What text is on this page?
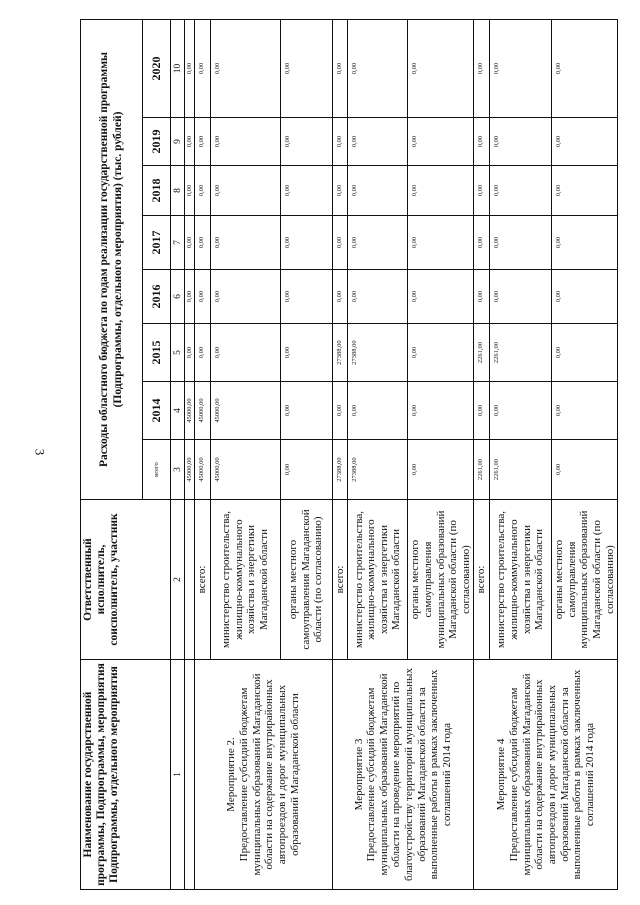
3
Наименование государственной программы, Подпрограммы, мероприятия Подпрограммы, отдельного мероприятия	Ответственный исполнитель, соисполнитель, участник	Расходы областного бюджета по годам реализации государственной программы (Подпрограммы, отдельного мероприятия) (тыс. рублей)							

		всего	2014	2015	2016	2017	2018	2019	2020
1	2	3	4	5	6	7	8	9	10
		45000,00	45000,00	0,00	0,00	0,00	0,00	0,00	0,00
Мероприятие 2.
Предоставление субсидий бюджетам муниципальных образований Магаданской области на содержание внутрирайонных автопроездов и дорог муниципальных образований Магаданской области	всего:	45000,00	45000,00	0,00	0,00	0,00	0,00	0,00	0,00
	министерство строительства, жилищно-коммунального хозяйства и энергетики Магаданской области	45000,00	45000,00	0,00	0,00	0,00	0,00	0,00	0,00
	органы местного самоуправления Магаданской области (по согласованию)	0,00	0,00	0,00	0,00	0,00	0,00	0,00	0,00
Мероприятие 3
Предоставление субсидий бюджетам муниципальных образований Магаданской области на проведение мероприятий по благоустройству территорий муниципальных образований Магаданской области за выполненные работы в рамках заключенных соглашений 2014 года	всего:	27388,00	0,00	27388,00	0,00	0,00	0,00	0,00	0,00
	министерство строительства, жилищно-коммунального хозяйства и энергетики Магаданской области	27388,00	0,00	27388,00	0,00	0,00	0,00	0,00	0,00
	органы местного самоуправления муниципальных образований Магаданской области (по согласованию)	0,00	0,00	0,00	0,00	0,00	0,00	0,00	0,00
Мероприятие 4
Предоставление субсидий бюджетам муниципальных образований Магаданской области на содержание внутрирайонных автопроездов и дорог муниципальных образований Магаданской области за выполненные работы в рамках заключенных соглашений 2014 года	всего:	2261,00	0,00	2261,00	0,00	0,00	0,00	0,00	0,00
	министерство строительства, жилищно-коммунального хозяйства и энергетики Магаданской области	2261,00	0,00	2261,00	0,00	0,00	0,00	0,00	0,00
	органы местного самоуправления муниципальных образований Магаданской области (по согласованию)	0,00	0,00	0,00	0,00	0,00	0,00	0,00	0,00
